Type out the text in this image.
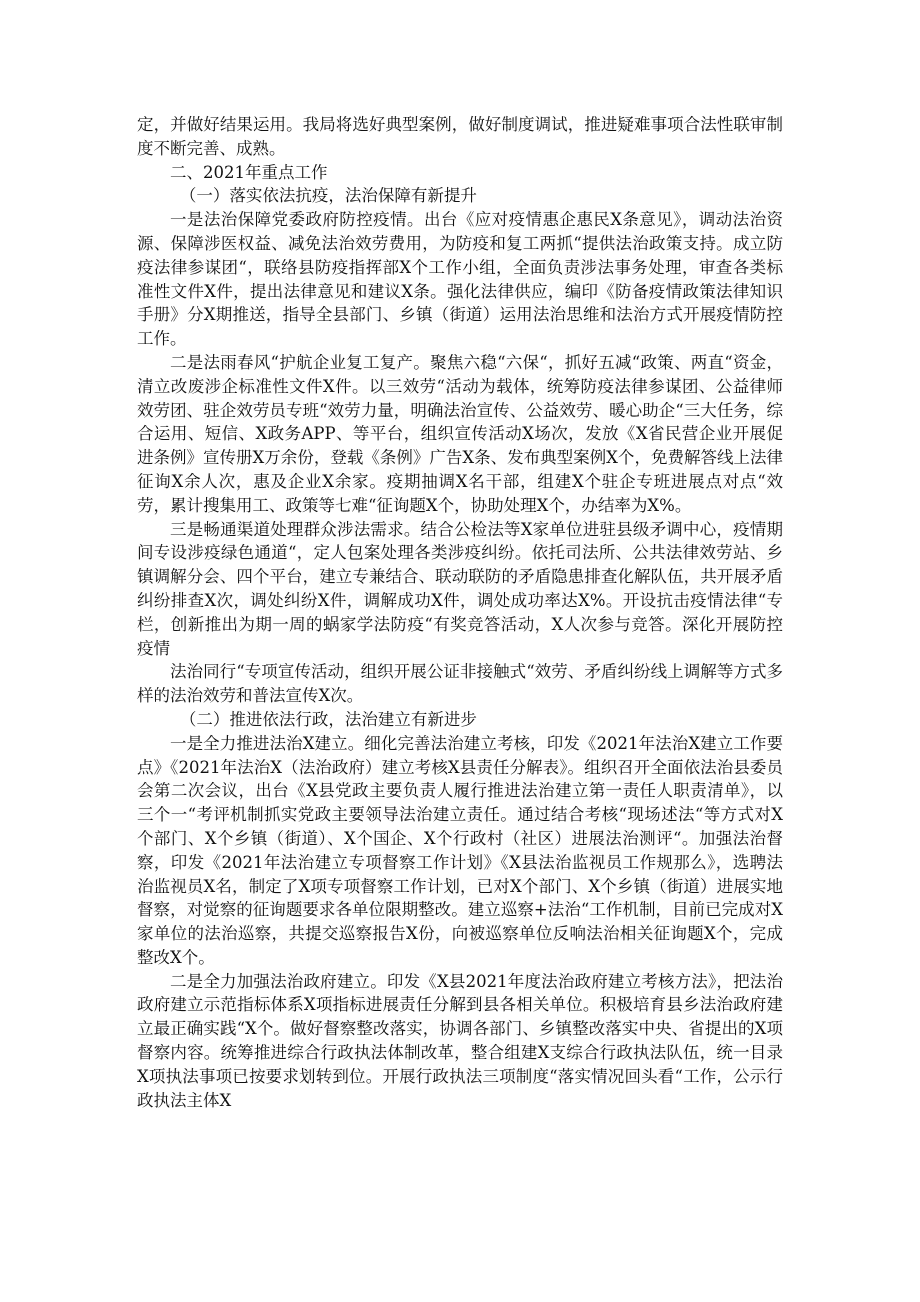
定，并做好结果运用。我局将选好典型案例，做好制度调试，推进疑难事项合法性联审制度不断完善、成熟。

二、2021年重点工作

（一）落实依法抗疫，法治保障有新提升

一是法治保障党委政府防控疫情。出台《应对疫情惠企惠民X条意见》，调动法治资源、保障涉医权益、减免法治效劳费用，为防疫和复工两抓“提供法治政策支持。成立防疫法律参谋团“，联络县防疫指挥部X个工作小组，全面负责涉法事务处理，审查各类标准性文件X件，提出法律意见和建议X条。强化法律供应，编印《防备疫情政策法律知识手册》分X期推送，指导全县部门、乡镇（街道）运用法治思维和法治方式开展疫情防控工作。

二是法雨春风“护航企业复工复产。聚焦六稳“六保“，抓好五减“政策、两直“资金，清立改废涉企标准性文件X件。以三效劳“活动为载体，统筹防疫法律参谋团、公益律师效劳团、驻企效劳员专班“效劳力量，明确法治宣传、公益效劳、暖心助企“三大任务，综合运用、短信、X政务APP、等平台，组织宣传活动X场次，发放《X省民营企业开展促进条例》宣传册X万余份，登载《条例》广告X条、发布典型案例X个，免费解答线上法律征询X余人次，惠及企业X余家。疫期抽调X名干部，组建X个驻企专班进展点对点“效劳，累计搜集用工、政策等七难“征询题X个，协助处理X个，办结率为X%。

三是畅通渠道处理群众涉法需求。结合公检法等X家单位进驻县级矛调中心，疫情期间专设涉疫绿色通道“，定人包案处理各类涉疫纠纷。依托司法所、公共法律效劳站、乡镇调解分会、四个平台，建立专兼结合、联动联防的矛盾隐患排查化解队伍，共开展矛盾纠纷排查X次，调处纠纷X件，调解成功X件，调处成功率达X%。开设抗击疫情法律“专栏，创新推出为期一周的蜗家学法防疫“有奖竞答活动，X人次参与竞答。深化开展防控疫情

法治同行“专项宣传活动，组织开展公证非接触式“效劳、矛盾纠纷线上调解等方式多样的法治效劳和普法宣传X次。

（二）推进依法行政，法治建立有新进步

一是全力推进法治X建立。细化完善法治建立考核，印发《2021年法治X建立工作要点》《2021年法治X（法治政府）建立考核X县责任分解表》。组织召开全面依法治县委员会第二次会议，出台《X县党政主要负责人履行推进法治建立第一责任人职责清单》，以三个一“考评机制抓实党政主要领导法治建立责任。通过结合考核“现场述法“等方式对X个部门、X个乡镇（街道）、X个国企、X个行政村（社区）进展法治测评“。加强法治督察，印发《2021年法治建立专项督察工作计划》《X县法治监视员工作规那么》，选聘法治监视员X名，制定了X项专项督察工作计划，已对X个部门、X个乡镇（街道）进展实地督察，对觉察的征询题要求各单位限期整改。建立巡察+法治“工作机制，目前已完成对X家单位的法治巡察，共提交巡察报告X份，向被巡察单位反响法治相关征询题X个，完成整改X个。

二是全力加强法治政府建立。印发《X县2021年度法治政府建立考核方法》，把法治政府建立示范指标体系X项指标进展责任分解到县各相关单位。积极培育县乡法治政府建立最正确实践“X个。做好督察整改落实，协调各部门、乡镇整改落实中央、省提出的X项督察内容。统筹推进综合行政执法体制改革，整合组建X支综合行政执法队伍，统一目录X项执法事项已按要求划转到位。开展行政执法三项制度“落实情况回头看“工作，公示行政执法主体X
